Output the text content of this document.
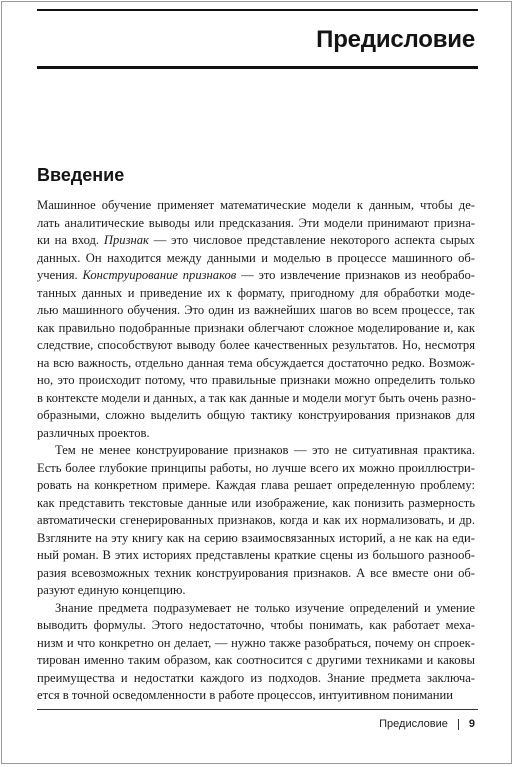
Предисловие
Введение

Машинное обучение применяет математические модели к данным, чтобы де-
лать аналитические выводы или предсказания. Эти модели принимают призна-
ки на вход. Признак — это числовое представление некоторого аспекта сырых
данных. Он находится между данными и моделью в процессе машинного об-
учения. Конструирование признаков — это извлечение признаков из необрабо-
танных данных и приведение их к формату, пригодному для обработки моде-
лью машинного обучения. Это один из важнейших шагов во всем процессе, так
как правильно подобранные признаки облегчают сложное моделирование и, как
следствие, способствуют выводу более качественных результатов. Но, несмотря
на всю важность, отдельно данная тема обсуждается достаточно редко. Возмож-
но, это происходит потому, что правильные признаки можно определить только
в контексте модели и данных, а так как данные и модели могут быть очень разно-
образными, сложно выделить общую тактику конструирования признаков для
различных проектов.

Тем не менее конструирование признаков — это не ситуативная практика.
Есть более глубокие принципы работы, но лучше всего их можно проиллюстри-
ровать на конкретном примере. Каждая глава решает определенную проблему:
как представить текстовые данные или изображение, как понизить размерность
автоматически сгенерированных признаков, когда и как их нормализовать, и др.
Взгляните на эту книгу как на серию взаимосвязанных историй, а не как на еди-
ный роман. В этих историях представлены краткие сцены из большого разнооб-
разия всевозможных техник конструирования признаков. А все вместе они об-
разуют единую концепцию.

Знание предмета подразумевает не только изучение определений и умение
выводить формулы. Этого недостаточно, чтобы понимать, как работает меха-
низм и что конкретно он делает, — нужно также разобраться, почему он спроек-
тирован именно таким образом, как соотносится с другими техниками и каковы
преимущества и недостатки каждого из подходов. Знание предмета заключа-
ется в точной осведомленности в работе процессов, интуитивном понимании

Предисловие 9
